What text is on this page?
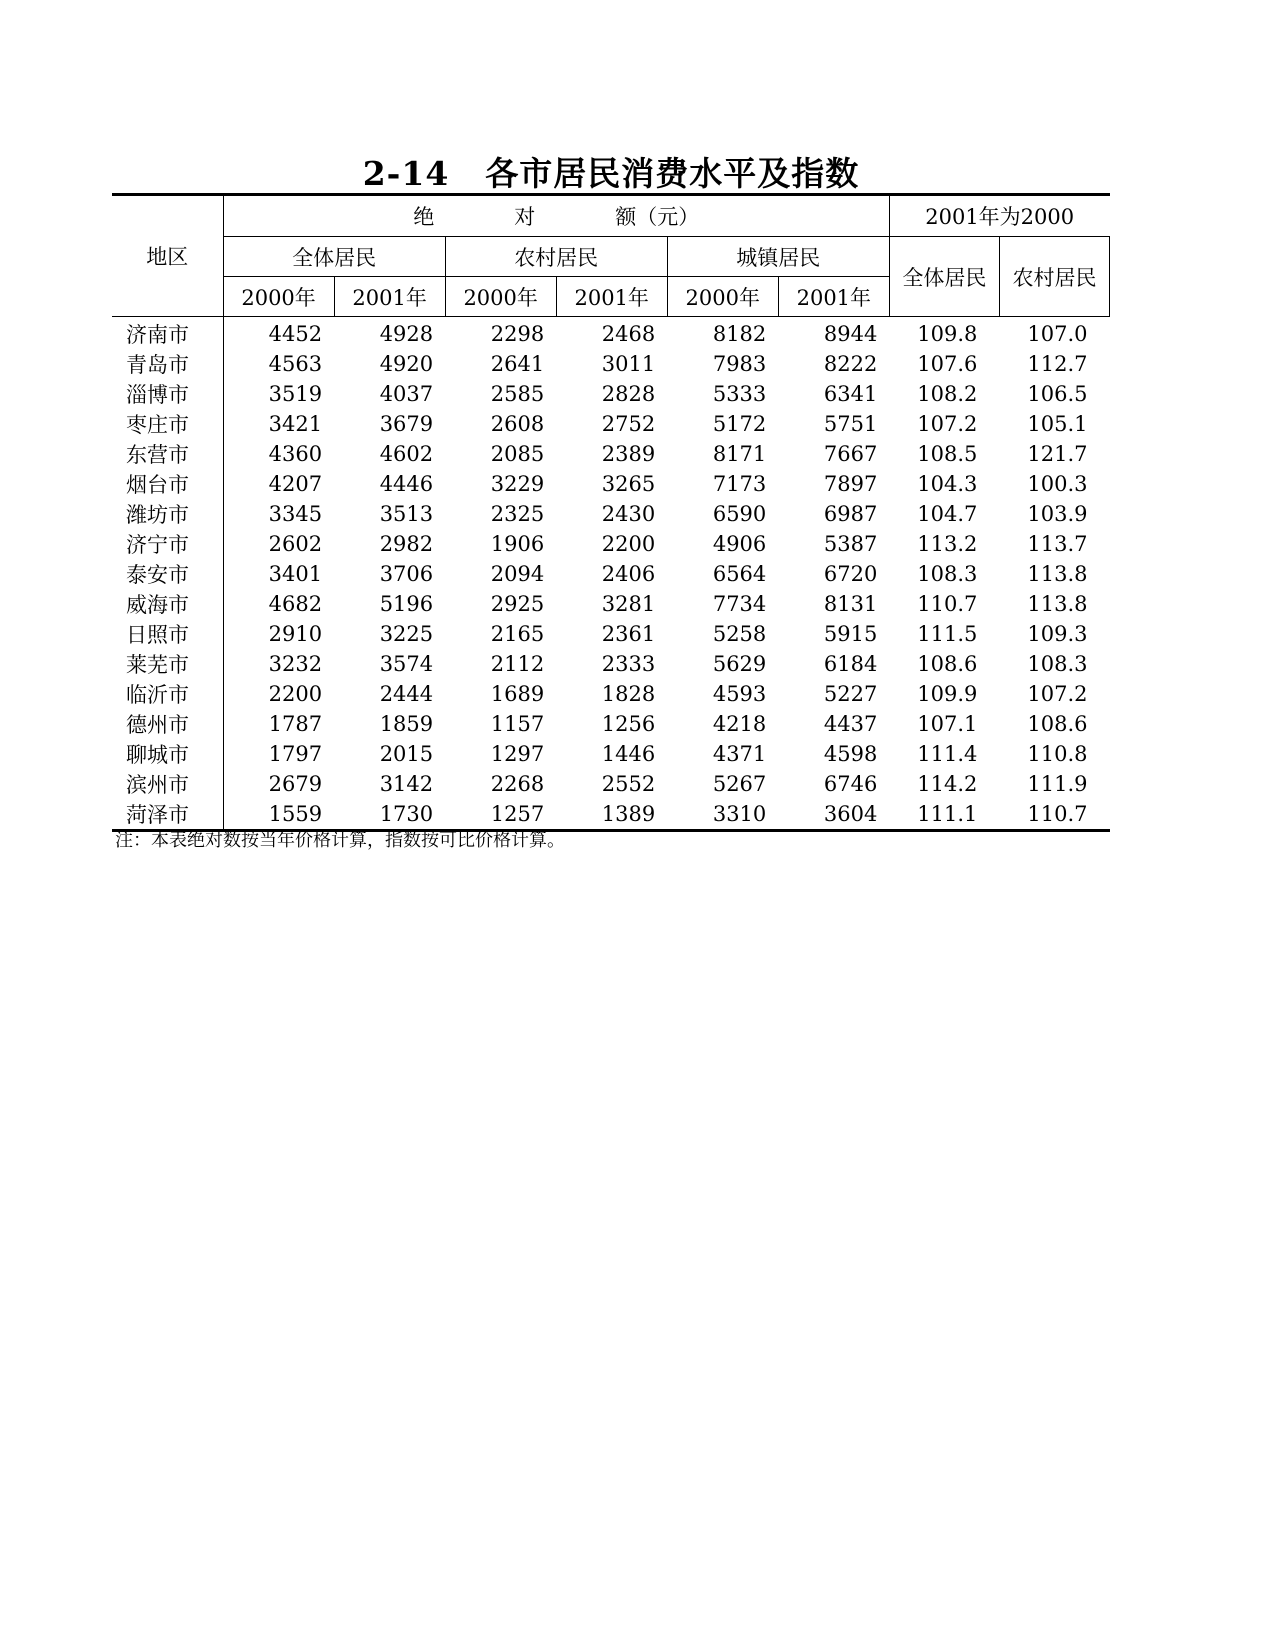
2-14 各市居民消费水平及指数
地区	绝 对 额（元）						2001年为2000	
	全体居民		农村居民		城镇居民		全体居民	农村居民
	2000年	2001年	2000年	2001年	2000年	2001年		
济南市	4452	4928	2298	2468	8182	8944	109.8	107.0
青岛市	4563	4920	2641	3011	7983	8222	107.6	112.7
淄博市	3519	4037	2585	2828	5333	6341	108.2	106.5
枣庄市	3421	3679	2608	2752	5172	5751	107.2	105.1
东营市	4360	4602	2085	2389	8171	7667	108.5	121.7
烟台市	4207	4446	3229	3265	7173	7897	104.3	100.3
潍坊市	3345	3513	2325	2430	6590	6987	104.7	103.9
济宁市	2602	2982	1906	2200	4906	5387	113.2	113.7
泰安市	3401	3706	2094	2406	6564	6720	108.3	113.8
威海市	4682	5196	2925	3281	7734	8131	110.7	113.8
日照市	2910	3225	2165	2361	5258	5915	111.5	109.3
莱芜市	3232	3574	2112	2333	5629	6184	108.6	108.3
临沂市	2200	2444	1689	1828	4593	5227	109.9	107.2
德州市	1787	1859	1157	1256	4218	4437	107.1	108.6
聊城市	1797	2015	1297	1446	4371	4598	111.4	110.8
滨州市	2679	3142	2268	2552	5267	6746	114.2	111.9
菏泽市	1559	1730	1257	1389	3310	3604	111.1	110.7
注：本表绝对数按当年价格计算，指数按可比价格计算。
